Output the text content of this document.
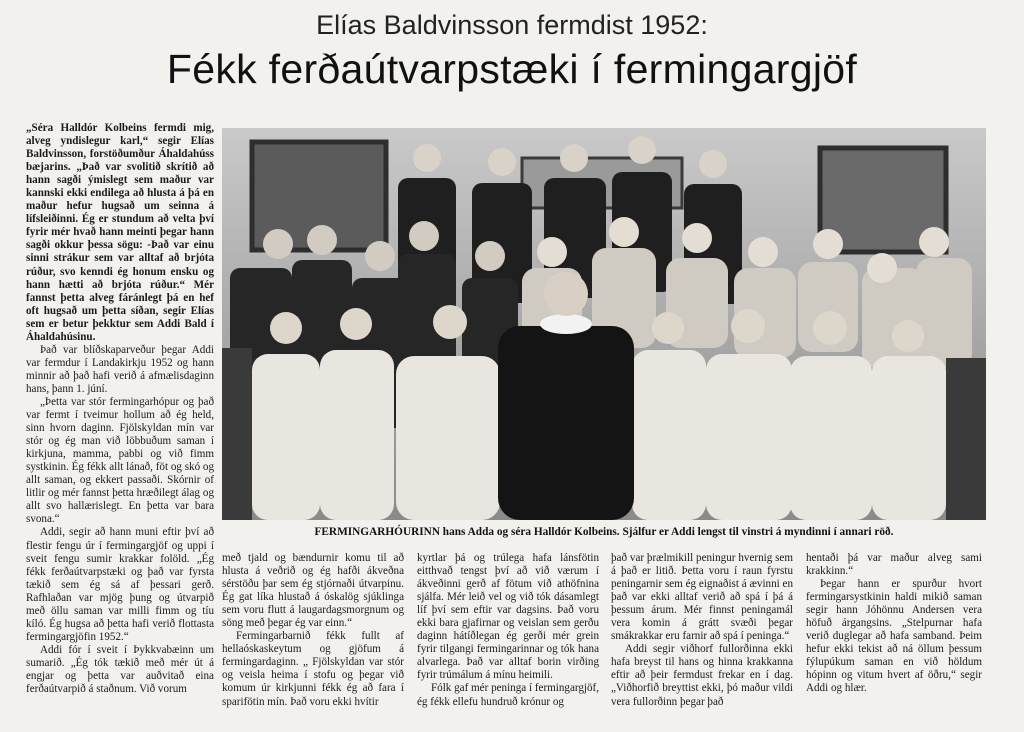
Elías Baldvinsson fermdist 1952:
Fékk ferðaútvarpstæki í fermingargjöf

„Séra Halldór Kolbeins fermdi mig, alveg yndislegur karl,“ segir Elías Baldvinsson, forstöðumður Áhaldahúss bæjarins. „Það var svolitið skrítið að hann sagði ýmislegt sem maður var kannski ekki endilega að hlusta á þá en maður hefur hugsað um seinna á lífsleiðinni. Ég er stundum að velta því fyrir mér hvað hann meinti þegar hann sagði okkur þessa sögu: -Það var einu sinni strákur sem var alltaf að brjóta rúður, svo kenndi ég honum ensku og hann hætti að brjóta rúður.“ Mér fannst þetta alveg fáránlegt þá en hef oft hugsað um þetta síðan, segir Elías sem er betur þekktur sem Addi Bald í Áhaldahúsinu.

Það var blíðskaparveður þegar Addi var fermdur í Landakirkju 1952 og hann minnir að það hafi verið á afmælisdaginn hans, þann 1. júní.

„Þetta var stór fermingarhópur og það var fermt í tveimur hollum að ég held, sinn hvorn daginn. Fjölskyldan mín var stór og ég man við löbbuðum saman í kirkjuna, mamma, pabbi og við fimm systkinin. Ég fékk allt lánað, föt og skó og allt saman, og ekkert passaði. Skórnir of litlir og mér fannst þetta hræðilegt álag og allt svo hallærislegt. En þetta var bara svona.“

Addi, segir að hann muni eftir því að flestir fengu úr í fermingargjöf og uppi í sveit fengu sumir krakkar folöld. „Ég fékk ferðaútvarpstæki og það var fyrsta tækið sem ég sá af þessari gerð. Rafhlaðan var mjög þung og útvarpið með öllu saman var milli fimm og tíu kíló. Ég hugsa að þetta hafi verið flottasta fermingargjöfin 1952.“

Addi fór í sveit í Þykkvabæinn um sumarið. „Ég tók tækið með mér út á engjar og þetta var auðvitað eina ferðaútvarpið á staðnum. Við vorum

FERMINGARHÓURINN hans Adda og séra Halldór Kolbeins. Sjálfur er Addi lengst til vinstri á myndinni í annari röð.

með tjald og bændurnir komu til að hlusta á veðrið og ég hafði ákveðna sérstöðu þar sem ég stjórnaði útvarpinu. Ég gat líka hlustað á óskalög sjúklinga sem voru flutt á laugardagsmorgnum og söng með þegar ég var einn.“

Fermingarbarnið fékk fullt af hellaóskaskeytum og gjöfum á fermingardaginn. „ Fjölskyldan var stór og veisla heima í stofu og þegar við komum úr kirkjunni fékk ég að fara í sparifötin mín. Það voru ekki hvítir

kyrtlar þá og trúlega hafa lánsfötin eitthvað tengst því að við værum í ákveðinni gerð af fötum við athöfnina sjálfa. Mér leið vel og við tók dásamlegt líf því sem eftir var dagsins. Það voru ekki bara gjafirnar og veislan sem gerðu daginn hátíðlegan ég gerði mér grein fyrir tilgangi fermingarinnar og tók hana alvarlega. Það var alltaf borin virðing fyrir trúmálum á mínu heimili.

Fólk gaf mér peninga í fermingargjöf, ég fékk ellefu hundruð krónur og

það var þrælmikill peningur hvernig sem á það er litið. Þetta voru í raun fyrstu peningarnir sem ég eignaðist á ævinni en það var ekki alltaf verið að spá í þá á þessum árum. Mér finnst peningamál vera komin á grátt svæði þegar smákrakkar eru farnir að spá í peninga.“

Addi segir viðhorf fullorðinna ekki hafa breyst til hans og hinna krakkanna eftir að þeir fermdust frekar en í dag. „Viðhorfið breyttist ekki, þó maður vildi vera fullorðinn þegar það

hentaði þá var maður alveg sami krakkinn.“

Þegar hann er spurður hvort fermingarsystkinin haldi mikið saman segir hann Jóhönnu Andersen vera höfuð árgangsins. „Stelpurnar hafa verið duglegar að hafa samband. Þeim hefur ekki tekist að ná öllum þessum fýlupúkum saman en við höldum hópinn og vitum hvert af öðru,“ segir Addi og hlær.
